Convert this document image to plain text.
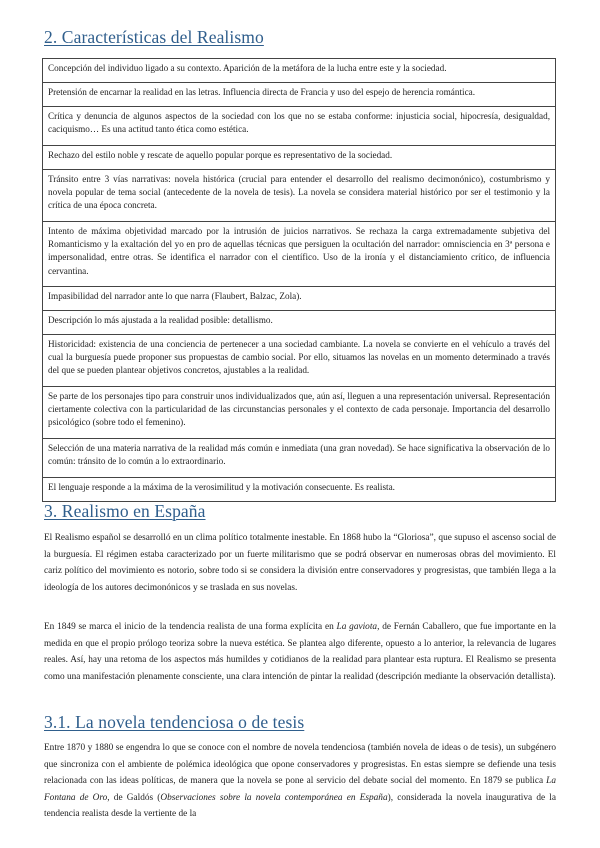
2. Características del Realismo
Concepción del individuo ligado a su contexto. Aparición de la metáfora de la lucha entre este y la sociedad.
Pretensión de encarnar la realidad en las letras. Influencia directa de Francia y uso del espejo de herencia romántica.
Crítica y denuncia de algunos aspectos de la sociedad con los que no se estaba conforme: injusticia social, hipocresía, desigualdad, caciquismo… Es una actitud tanto ética como estética.
Rechazo del estilo noble y rescate de aquello popular porque es representativo de la sociedad.
Tránsito entre 3 vías narrativas: novela histórica (crucial para entender el desarrollo del realismo decimonónico), costumbrismo y novela popular de tema social (antecedente de la novela de tesis). La novela se considera material histórico por ser el testimonio y la crítica de una época concreta.
Intento de máxima objetividad marcado por la intrusión de juicios narrativos. Se rechaza la carga extremadamente subjetiva del Romanticismo y la exaltación del yo en pro de aquellas técnicas que persiguen la ocultación del narrador: omnisciencia en 3ª persona e impersonalidad, entre otras. Se identifica el narrador con el científico. Uso de la ironía y el distanciamiento crítico, de influencia cervantina.
Impasibilidad del narrador ante lo que narra (Flaubert, Balzac, Zola).
Descripción lo más ajustada a la realidad posible: detallismo.
Historicidad: existencia de una conciencia de pertenecer a una sociedad cambiante. La novela se convierte en el vehículo a través del cual la burguesía puede proponer sus propuestas de cambio social. Por ello, situamos las novelas en un momento determinado a través del que se pueden plantear objetivos concretos, ajustables a la realidad.
Se parte de los personajes tipo para construir unos individualizados que, aún así, lleguen a una representación universal. Representación ciertamente colectiva con la particularidad de las circunstancias personales y el contexto de cada personaje. Importancia del desarrollo psicológico (sobre todo el femenino).
Selección de una materia narrativa de la realidad más común e inmediata (una gran novedad). Se hace significativa la observación de lo común: tránsito de lo común a lo extraordinario.
El lenguaje responde a la máxima de la verosimilitud y la motivación consecuente. Es realista.
3. Realismo en España
El Realismo español se desarrolló en un clima político totalmente inestable. En 1868 hubo la “Gloriosa”, que supuso el ascenso social de la burguesía. El régimen estaba caracterizado por un fuerte militarismo que se podrá observar en numerosas obras del movimiento. El cariz político del movimiento es notorio, sobre todo si se considera la división entre conservadores y progresistas, que también llega a la ideología de los autores decimonónicos y se traslada en sus novelas.
En 1849 se marca el inicio de la tendencia realista de una forma explícita en La gaviota, de Fernán Caballero, que fue importante en la medida en que el propio prólogo teoriza sobre la nueva estética. Se plantea algo diferente, opuesto a lo anterior, la relevancia de lugares reales. Así, hay una retoma de los aspectos más humildes y cotidianos de la realidad para plantear esta ruptura. El Realismo se presenta como una manifestación plenamente consciente, una clara intención de pintar la realidad (descripción mediante la observación detallista).
3.1. La novela tendenciosa o de tesis
Entre 1870 y 1880 se engendra lo que se conoce con el nombre de novela tendenciosa (también novela de ideas o de tesis), un subgénero que sincroniza con el ambiente de polémica ideológica que opone conservadores y progresistas. En estas siempre se defiende una tesis relacionada con las ideas políticas, de manera que la novela se pone al servicio del debate social del momento. En 1879 se publica La Fontana de Oro, de Galdós (Observaciones sobre la novela contemporánea en España), considerada la novela inaugurativa de la tendencia realista desde la vertiente de la
